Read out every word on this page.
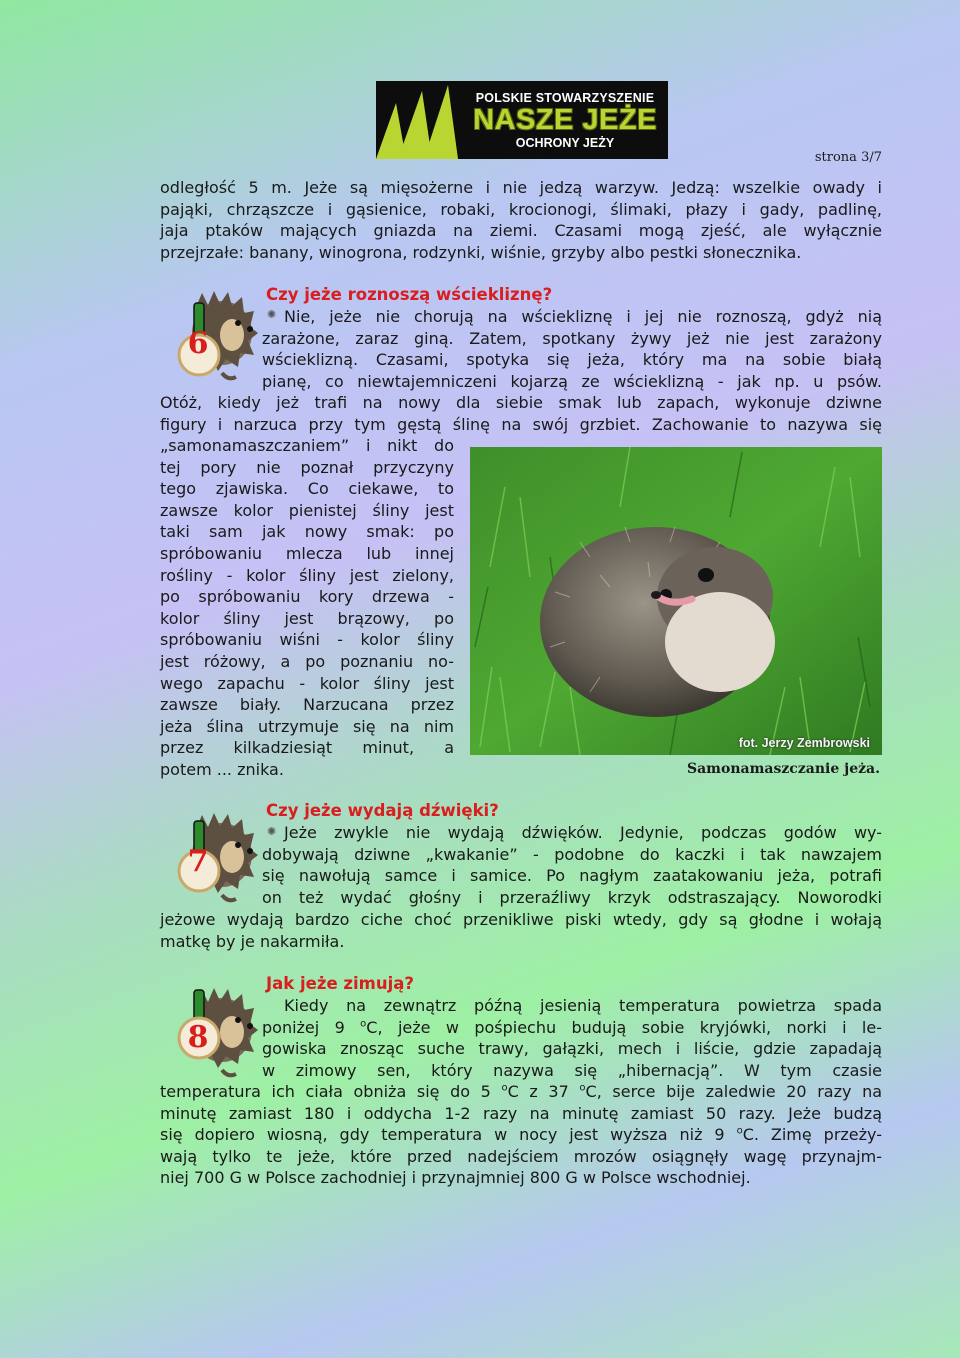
POLSKIE STOWARZYSZENIE
NASZE JEŻE
OCHRONY JEŻY
strona 3/7
odległość 5 m. Jeże są mięsożerne i nie jedzą warzyw. Jedzą: wszelkie owady i
pająki, chrząszcze i gąsienice, robaki, krocionogi, ślimaki, płazy i gady, padlinę,
jaja ptaków mających gniazda na ziemi. Czasami mogą zjeść, ale wyłącznie
przejrzałe: banany, winogrona, rodzynki, wiśnie, grzyby albo pestki słonecznika.
6
Czy jeże roznoszą wściekliznę?
✺ Nie, jeże nie chorują na wściekliznę i jej nie roznoszą, gdyż nią
zarażone, zaraz giną. Zatem, spotkany żywy jeż nie jest zarażony
wścieklizną. Czasami, spotyka się jeża, który ma na sobie białą
pianę, co niewtajemniczeni kojarzą ze wścieklizną - jak np. u psów.
Otóż, kiedy jeż trafi na nowy dla siebie smak lub zapach, wykonuje dziwne
figury i narzuca przy tym gęstą ślinę na swój grzbiet. Zachowanie to nazywa się
„samonamaszczaniem” i nikt do
tej pory nie poznał przyczyny
tego zjawiska. Co ciekawe, to
zawsze kolor pienistej śliny jest
taki sam jak nowy smak: po
spróbowaniu mlecza lub innej
rośliny - kolor śliny jest zielony,
po spróbowaniu kory drzewa -
kolor śliny jest brązowy, po
spróbowaniu wiśni - kolor śliny
jest różowy, a po poznaniu no-
wego zapachu - kolor śliny jest
zawsze biały. Narzucana przez
jeża ślina utrzymuje się na nim
przez kilkadziesiąt minut, a
potem ... znika.
fot. Jerzy Zembrowski
Samonamaszczanie jeża.
7
Czy jeże wydają dźwięki?
✺ Jeże zwykle nie wydają dźwięków. Jedynie, podczas godów wy-
dobywają dziwne „kwakanie” - podobne do kaczki i tak nawzajem
się nawołują samce i samice. Po nagłym zaatakowaniu jeża, potrafi
on też wydać głośny i przeraźliwy krzyk odstraszający. Noworodki
jeżowe wydają bardzo ciche choć przenikliwe piski wtedy, gdy są głodne i wołają
matkę by je nakarmiła.
8
Jak jeże zimują?
Kiedy na zewnątrz późną jesienią temperatura powietrza spada
poniżej 9 $^o$C, jeże w pośpiechu budują sobie kryjówki, norki i le-
gowiska znosząc suche trawy, gałązki, mech i liście, gdzie zapadają
w zimowy sen, który nazywa się „hibernacją”. W tym czasie
temperatura ich ciała obniża się do 5 $^o$C z 37 $^o$C, serce bije zaledwie 20 razy na
minutę zamiast 180 i oddycha 1-2 razy na minutę zamiast 50 razy. Jeże budzą
się dopiero wiosną, gdy temperatura w nocy jest wyższa niż 9 $^o$C. Zimę przeży-
wają tylko te jeże, które przed nadejściem mrozów osiągnęły wagę przynajm-
niej 700 G w Polsce zachodniej i przynajmniej 800 G w Polsce wschodniej.
